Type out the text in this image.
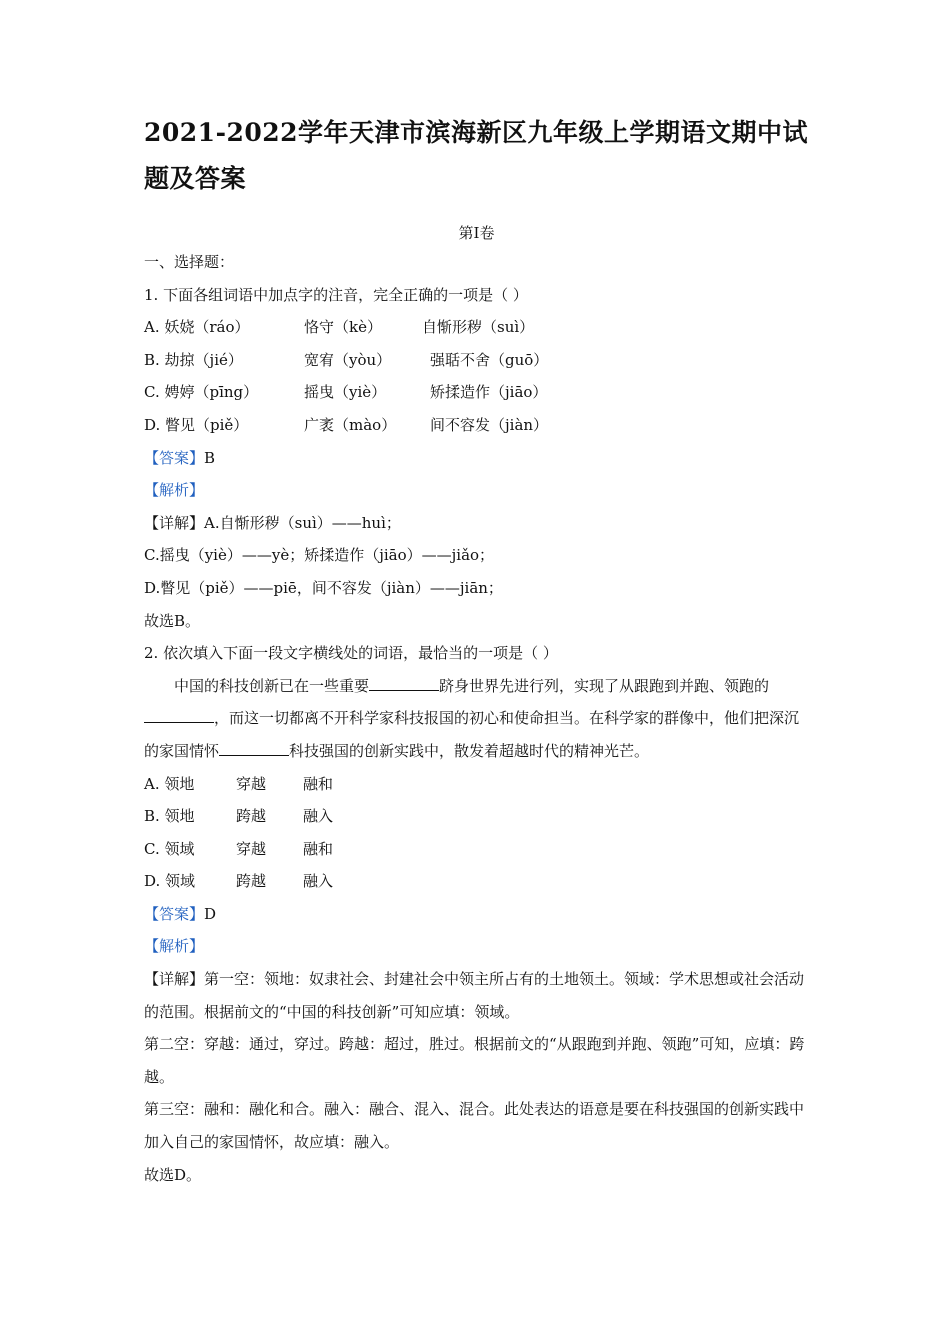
2021-2022学年天津市滨海新区九年级上学期语文期中试题及答案
第Ⅰ卷
一、选择题：
1. 下面各组词语中加点字的注音，完全正确的一项是（ ）
A. 妖娆（ráo）	恪守（kè）	自惭形秽（suì）
B. 劫掠（jié）	宽宥（yòu）	强聒不舍（guō）
C. 娉婷（pīng）	摇曳（yiè）	矫揉造作（jiāo）
D. 瞥见（piě）	广袤（mào） 间不容发（jiàn）
【答案】B
【解析】
【详解】A.自惭形秽（suì）——huì；
C.摇曳（yiè）——yè；矫揉造作（jiāo）——jiǎo；
D.瞥见（piě）——piē，间不容发（jiàn）——jiān；
故选B。
2. 依次填入下面一段文字横线处的词语，最恰当的一项是（ ）
中国的科技创新已在一些重要	跻身世界先进行列，实现了从跟跑到并跑、领跑的，而这一切都离不开科学家科技报国的初心和使命担当。在科学家的群像中，他们把深沉的家国情怀	科技强国的创新实践中，散发着超越时代的精神光芒。
A. 领地	穿越 融和
B. 领地	跨越 融入
C. 领域	穿越 融和
D. 领域	跨越 融入
【答案】D
【解析】
【详解】第一空：领地：奴隶社会、封建社会中领主所占有的土地领土。领域：学术思想或社会活动的范围。根据前文的“中国的科技创新”可知应填：领域。
第二空：穿越：通过，穿过。跨越：超过，胜过。根据前文的“从跟跑到并跑、领跑”可知，应填：跨越。
第三空：融和：融化和合。融入：融合、混入、混合。此处表达的语意是要在科技强国的创新实践中加入自己的家国情怀，故应填：融入。
故选D。
